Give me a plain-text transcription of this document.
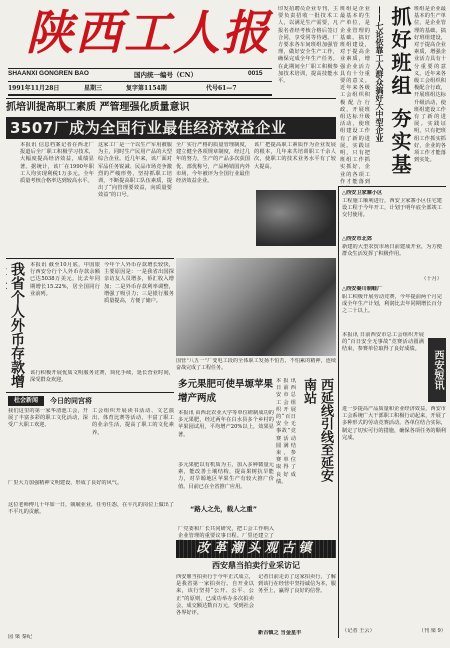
陕西工人报
SHAANXI GONGREN BAO	国内统一编号（CN）	0015
1991年11月28日	星期三	复字第1154期	代号61—7
印发招聘员企业专刊，主要负责招收一批技术工人，以满足生产需要，凡报名者经考核合格后签订合同，享受同等待遇。厂方要求各车间班组加强管理，做好安全生产工作，确保完成全年生产任务。在此期间全厂职工积极参加技术培训，提高技能水平。	抓好班组 夯实基
——七论依靠工人群众搞好大中型企业
班组是企业最基本的生产单位，是企业管理的基础。搞好班组建设，对于提高企业素质，增强企业活力具有十分重要的意义。近年来各级工会组织积极配合行政，开展班组达标升级活动，使班组建设工作有了新的进展。实践证明，只有把班组工作抓实抓好，企业的各项工作才能落到
班组是企业最基本的生产单位，是企业管理的基础。搞好班组建设，对于提高企业素质，增强企业活力具有十分重要的意义。近年来各级工会组织积极配合行政，开展班组达标升级活动，使班组建设工作有了新的进展。实践证明，只有把班组工作抓实抓好，企业的各项工作才能落到实处。
抓培训提高职工素质 严管理强化质量意识
3507厂成为全国行业最佳经济效益企业
本报讯 信息档案记者在西北厂报道后全厂职工积极学习技术，大幅度提高经济效益，成绩显著。据统计，该厂在1990年职工人均实现利税1万多元。全年质量考核合格率达到较高水平。
这家工厂是一个以生产军用被服为主，同时生产民用产品的大型综合企业。近几年来，该厂面对军品任务锐减、民品市场竞争激烈的严峻形势，坚持抓职工培训，不断提高职工队伍素质，提出了“向管理要效益，向质量要效益”的口号。
全厂实行严格的质量管理制度，建立健全各项规章制度，经过几年的努力，生产的产品多次获国优、部优称号，产品畅销国内外市场，今年被评为全国行业最佳经济效益企业。
该厂把提高职工素质作为企业发展的根本，几年来共培训职工千余人次，使职工的技术业务水平有了较大提高。
我省个人外币存款增
本报讯 截至10月底，中国银行西安分行个人外币存款余额已达5038万美元，比去年同期增长15.22%，居全国同行业前列。
今年个人外币存款增长较快，主要原因是：一是我省出国探亲访友人员增多，侨汇收入增加；二是外币存款利率调整，增强了吸引力；三是银行服务质量提高，方便了储户。
该行积极开展优质文明服务竞赛，简化手续，延长营业时间，深受群众欢迎。
国营“八五一”厂变电工段的全体职工发扬不怕苦、不怕累的精神，连续奋战完成了工程任务。
多元果肥可使旱塬苹果增产两成
本报讯 由西北农业大学等单位研制成功的多元果肥，经过两年在白水县多个乡村的苹果园试用，平均增产20%以上，效果显著。
多元果肥以有机质为主，加入多种微量元素，能改善土壤结构，提高果树抗旱能力，对旱塬地区苹果生产有较大推广价值。目前已在全省推广应用。
西延线引线至延安南站
本报讯 日前西安市总工会组织开展的“百日安全无事故”竞赛活动圆满结束，参赛单位取得了良好成绩。
△西安卫家寨小区
工程施工顺利进行，西安卫家寨小区住宅建设工程于今年开工，计划于明年底全部竣工交付使用。
△西安市北郊
新建的大型农贸市场日前建成开业，为方便群众生活发挥了积极作用。
（十月）
△西安秦川制鞋厂
职工积极开展劳动竞赛，今年提前两个月完成全年生产计划，利润比去年同期增长百分之二十以上。
本报讯 日前西安市总工会组织开展的“百日安全无事故”竞赛活动圆满结束，参赛单位取得了良好成绩。
西安短讯
杜会新闻	今日的同宫将
我们这里的第一家华清池工会，开展了丰富多彩的职工文化活动，深受广大职工欢迎。
工会组织开展读书活动、文艺演出、体育比赛等活动，丰富了职工的业余生活，提高了职工的文化素养。
厂里大力加强精神文明建设，形成了良好的风气。
厂党委和厂长共同研究，把工会工作纳入企业管理的重要议事日程。厂里还建立了
“路人之先，载人之重”
改革潮头观古镇
西安鼎当拍卖行业采访记
西安鼎当拍卖行于今年正式成立，是我省第一家拍卖行。自开业以来，该行坚持“公开、公平、公正”的原则，已成功举办多次拍卖会，成交额达数百万元，受到社会各界好评。
记者日前走访了这家拍卖行，了解到该行在经营中坚持诚信为本，服务至上，赢得了良好的信誉。
新古镇之 当金星丰
这位老师傅几十年如一日，兢兢业业，任劳任怨，在平凡的岗位上做出了不平凡的贡献。
园 梁 秦纪
进一步提高产品质量和企业经济效益，西安市工会系统广大干部职工积极行动起来，开展了多种形式的劳动竞赛活动。各单位结合实际，制定了切实可行的措施，确保各项任务的顺利完成。
（记者 王云）	（刊 梁 9）
